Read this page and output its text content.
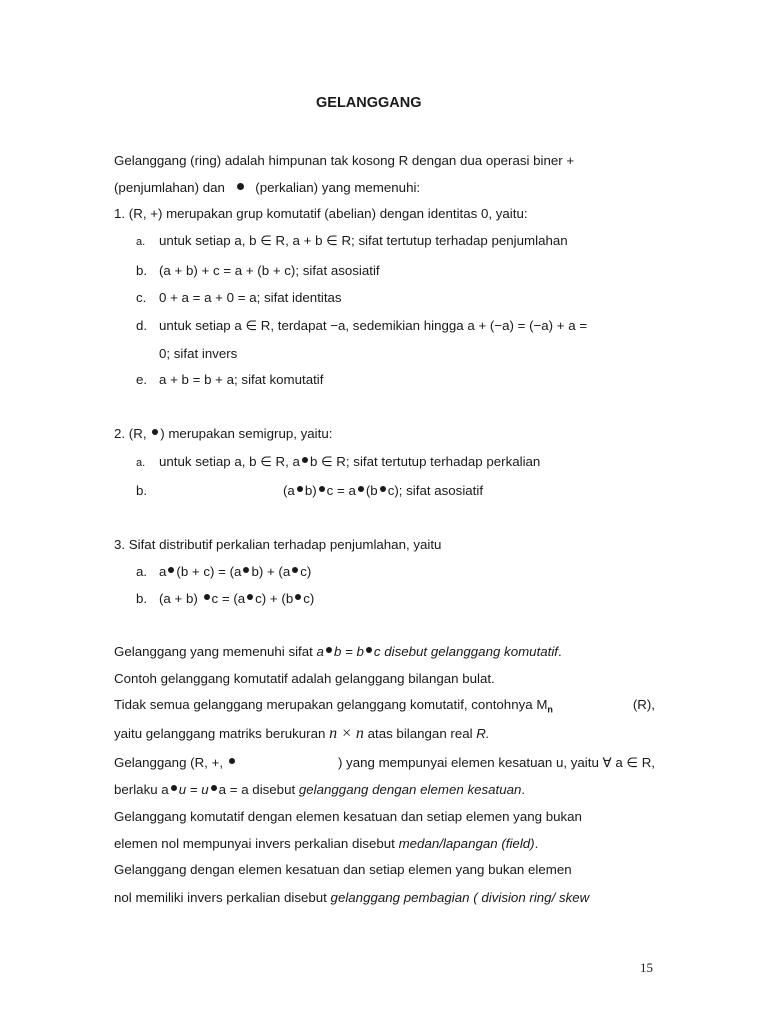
GELANGGANG
Gelanggang (ring) adalah himpunan tak kosong R dengan dua operasi biner +
(penjumlahan) dan (perkalian) yang memenuhi:
1. (R, +) merupakan grup komutatif (abelian) dengan identitas 0, yaitu:
a. untuk setiap a, b ∈ R, a + b ∈ R; sifat tertutup terhadap penjumlahan
b. (a + b) + c = a + (b + c); sifat asosiatif
c. 0 + a = a + 0 = a; sifat identitas
d. untuk setiap a ∈ R, terdapat −a, sedemikian hingga a + (−a) = (−a) + a =
0; sifat invers
e. a + b = b + a; sifat komutatif
2. (R, ) merupakan semigrup, yaitu:
a. untuk setiap a, b ∈ R, a b ∈ R; sifat tertutup terhadap perkalian
b.	(a b) c = a (b c); sifat asosiatif
3. Sifat distributif perkalian terhadap penjumlahan, yaitu
a. a (b + c) = (a b) + (a c)
b. (a + b) c = (a c) + (b c)
Gelanggang yang memenuhi sifat a b = b c disebut gelanggang komutatif.
Contoh gelanggang komutatif adalah gelanggang bilangan bulat.
Tidak semua gelanggang merupakan gelanggang komutatif, contohnya $M_n$	(R),
yaitu gelanggang matriks berukuran n × n atas bilangan real R.
Gelanggang (R, +,	) yang mempunyai elemen kesatuan u, yaitu ∀ a ∈ R,
berlaku a u = u a = a disebut gelanggang dengan elemen kesatuan.
Gelanggang komutatif dengan elemen kesatuan dan setiap elemen yang bukan
elemen nol mempunyai invers perkalian disebut medan/lapangan (field).
Gelanggang dengan elemen kesatuan dan setiap elemen yang bukan elemen
nol memiliki invers perkalian disebut gelanggang pembagian ( division ring/ skew
15
